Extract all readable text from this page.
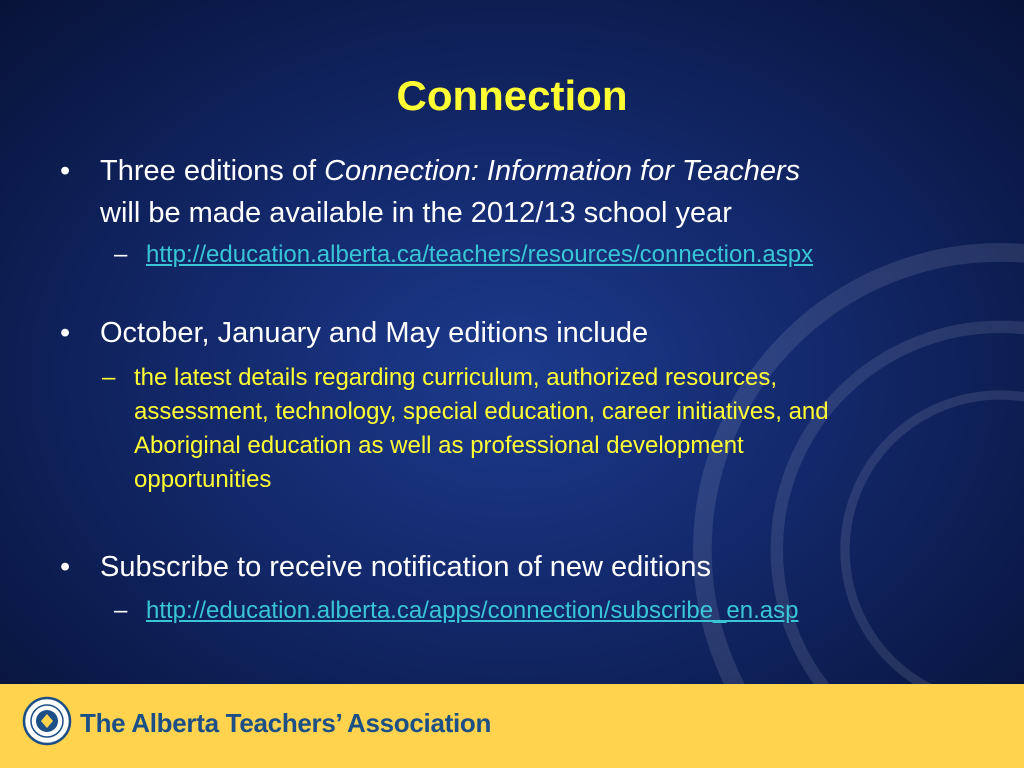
Connection
• Three editions of Connection: Information for Teachers
will be made available in the 2012/13 school year
– http://education.alberta.ca/teachers/resources/connection.aspx
• October, January and May editions include
– the latest details regarding curriculum, authorized resources,
assessment, technology, special education, career initiatives, and
Aboriginal education as well as professional development
opportunities
• Subscribe to receive notification of new editions
– http://education.alberta.ca/apps/connection/subscribe_en.asp
The Alberta Teachers’ Association
